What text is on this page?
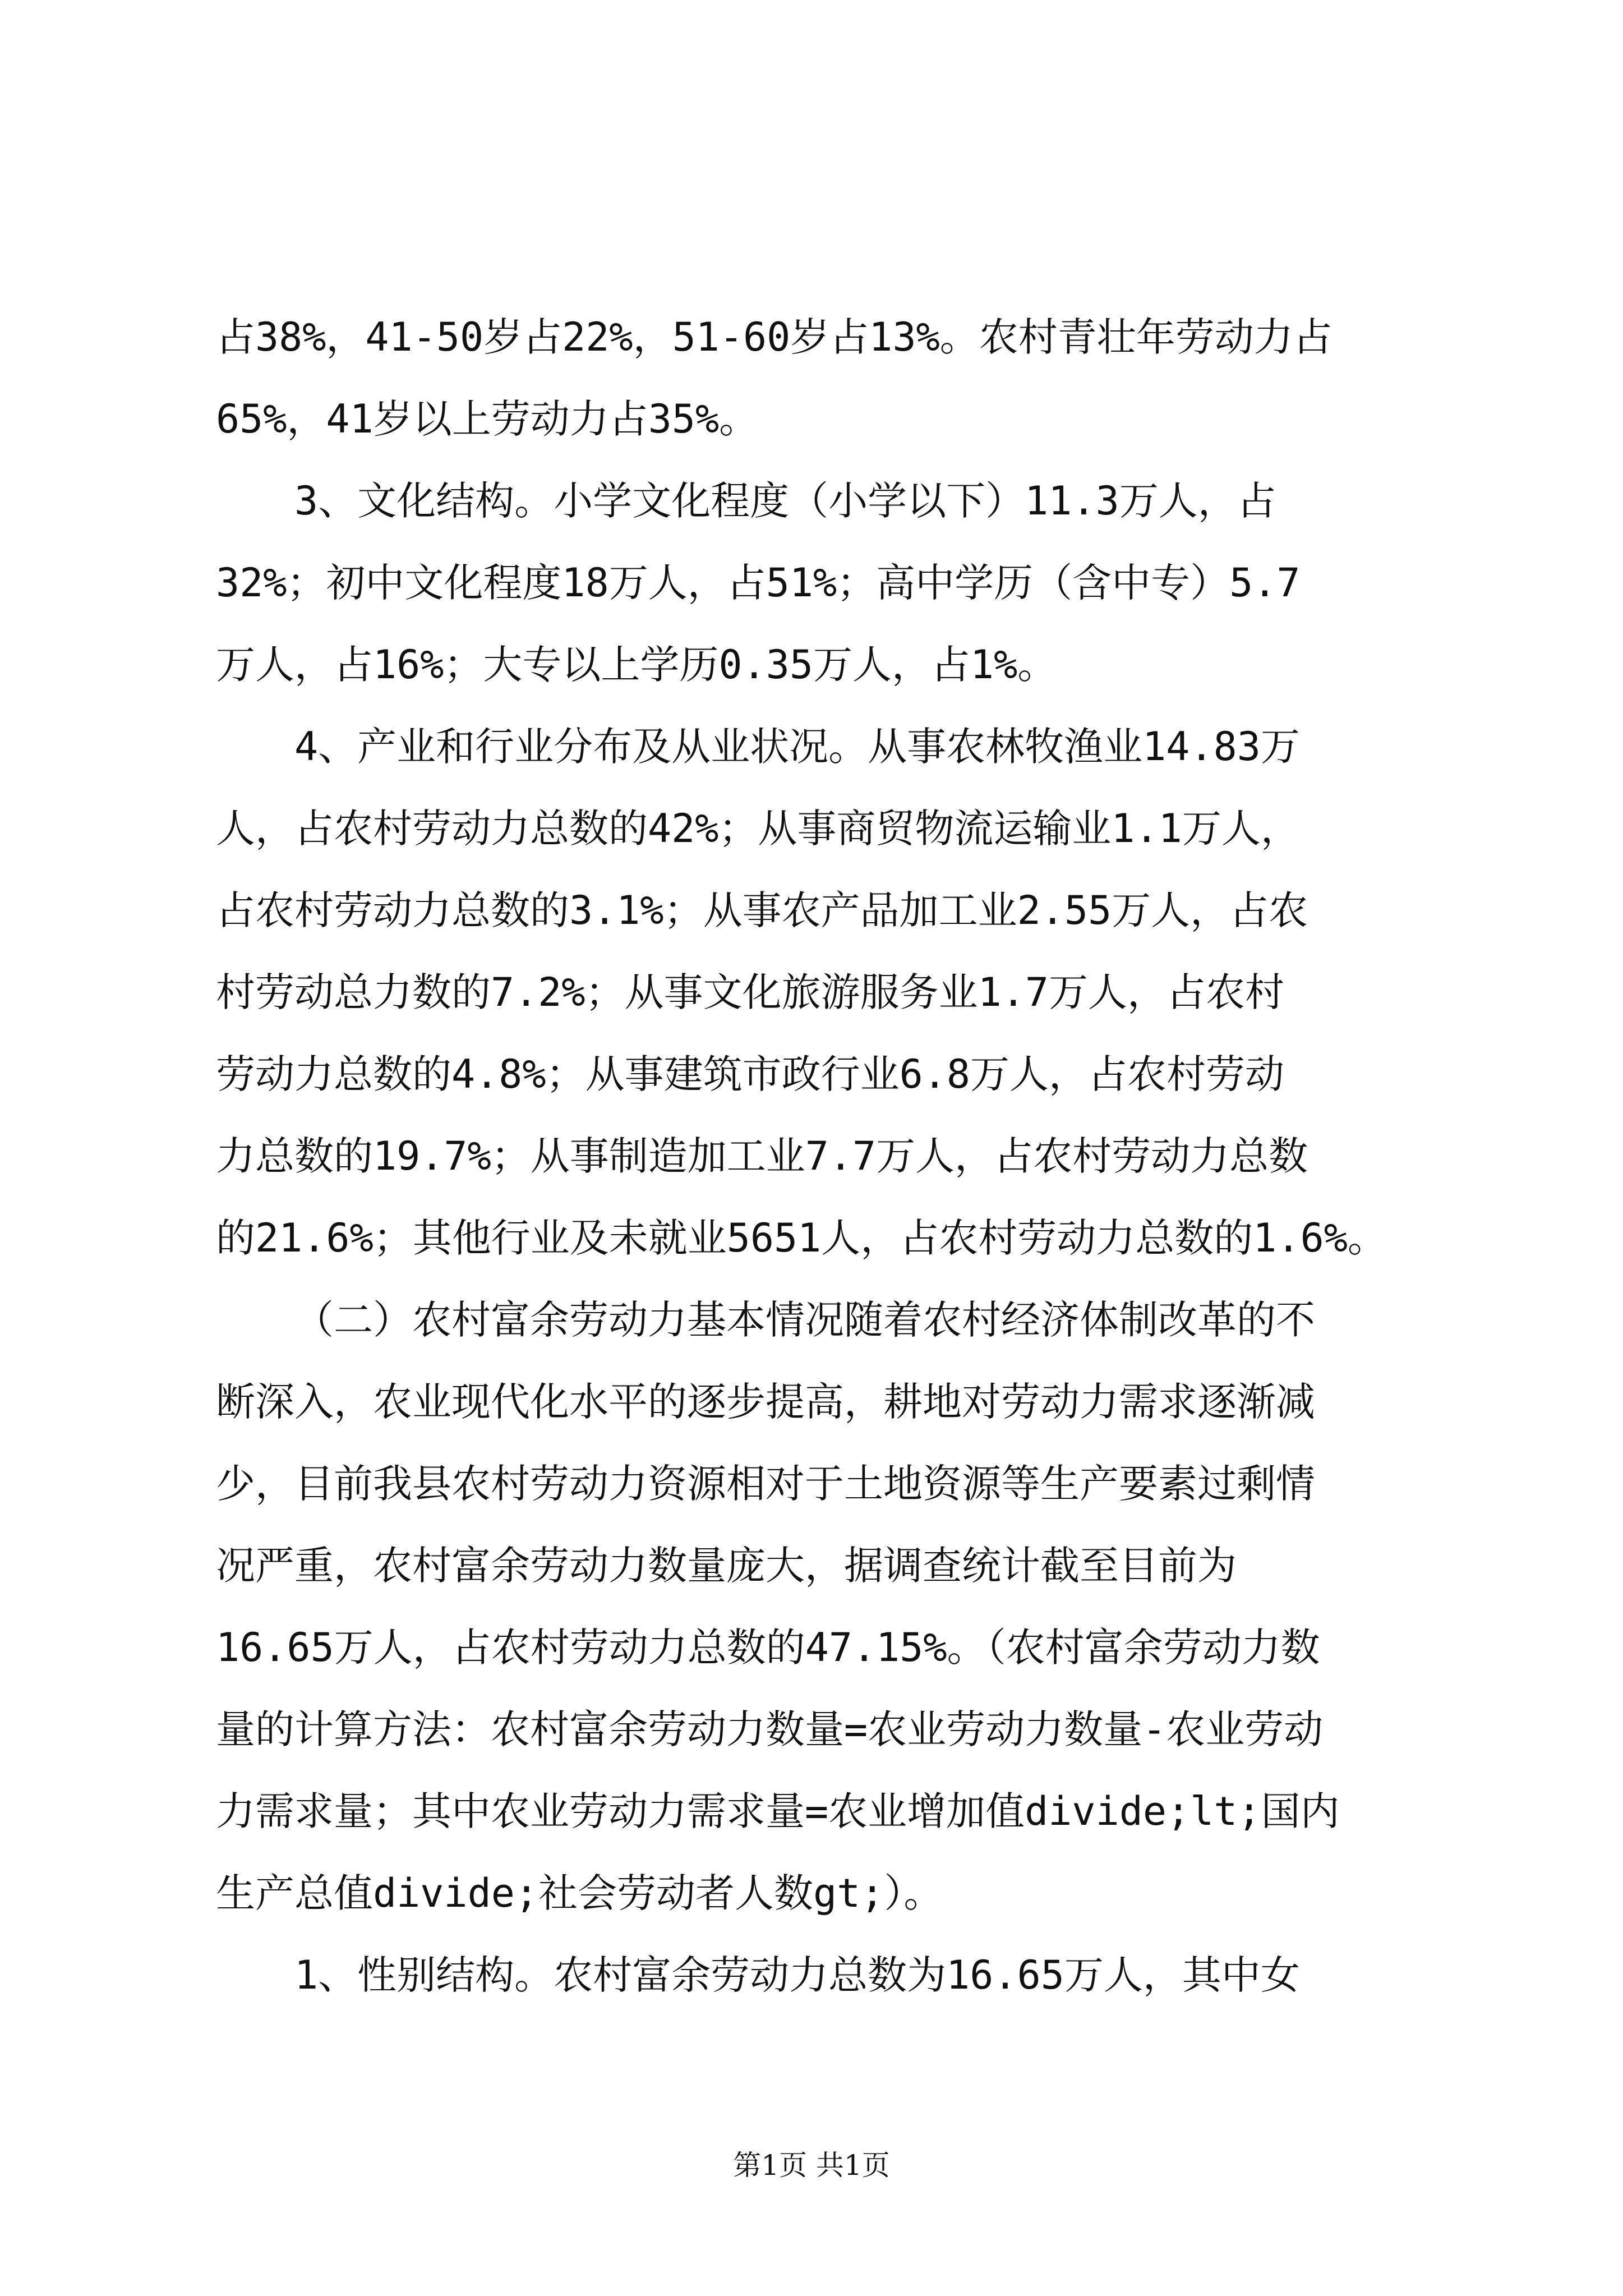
占38%，41-50岁占22%，51-60岁占13%。农村青壮年劳动力占
65%，41岁以上劳动力占35%。
3、文化结构。小学文化程度（小学以下）11.3万人，占
32%；初中文化程度18万人，占51%；高中学历（含中专）5.7
万人，占16%；大专以上学历0.35万人，占1%。
4、产业和行业分布及从业状况。从事农林牧渔业14.83万
人，占农村劳动力总数的42%；从事商贸物流运输业1.1万人，
占农村劳动力总数的3.1%；从事农产品加工业2.55万人，占农
村劳动总力数的7.2%；从事文化旅游服务业1.7万人，占农村
劳动力总数的4.8%；从事建筑市政行业6.8万人，占农村劳动
力总数的19.7%；从事制造加工业7.7万人，占农村劳动力总数
的21.6%；其他行业及未就业5651人，占农村劳动力总数的1.6%。
（二）农村富余劳动力基本情况随着农村经济体制改革的不
断深入，农业现代化水平的逐步提高，耕地对劳动力需求逐渐减
少，目前我县农村劳动力资源相对于土地资源等生产要素过剩情
况严重，农村富余劳动力数量庞大，据调查统计截至目前为
16.65万人，占农村劳动力总数的47.15%。（农村富余劳动力数
量的计算方法：农村富余劳动力数量=农业劳动力数量-农业劳动
力需求量；其中农业劳动力需求量=农业增加值divide;lt;国内
生产总值divide;社会劳动者人数gt;）。
1、性别结构。农村富余劳动力总数为16.65万人，其中女
第1页 共1页
